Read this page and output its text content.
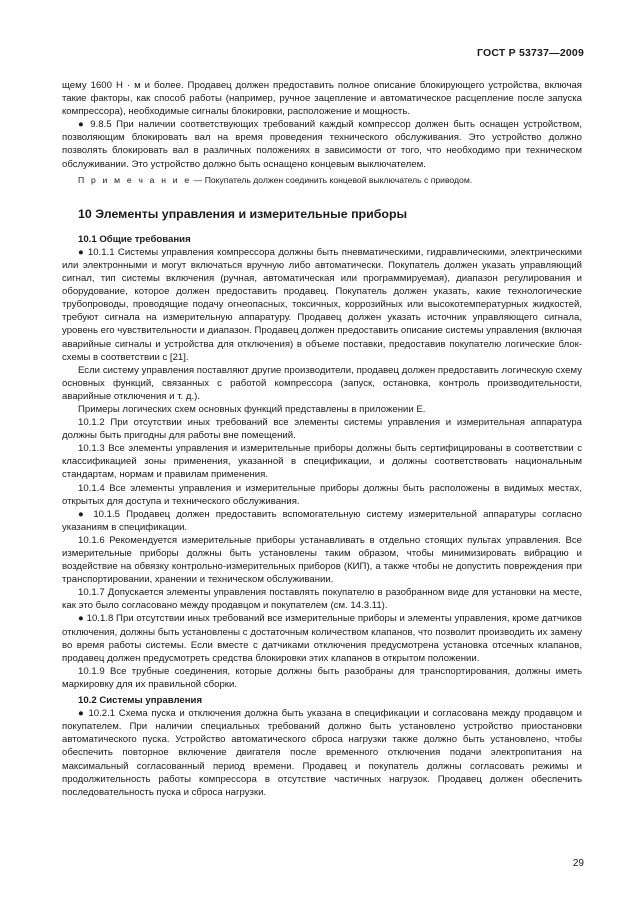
ГОСТ Р 53737—2009

щему 1600 Н · м и более. Продавец должен предоставить полное описание блокирующего устройства, включая такие факторы, как способ работы (например, ручное зацепление и автоматическое расцепление после запуска компрессора), необходимые сигналы блокировки, расположение и мощность.

● 9.8.5 При наличии соответствующих требований каждый компрессор должен быть оснащен устройством, позволяющим блокировать вал на время проведения технического обслуживания. Это устройство должно позволять блокировать вал в различных положениях в зависимости от того, что необходимо при техническом обслуживании. Это устройство должно быть оснащено концевым выключателем.

П р и м е ч а н и е — Покупатель должен соединить концевой выключатель с приводом.

10 Элементы управления и измерительные приборы

10.1 Общие требования

● 10.1.1 Системы управления компрессора должны быть пневматическими, гидравлическими, электрическими или электронными и могут включаться вручную либо автоматически. Покупатель должен указать управляющий сигнал, тип системы включения (ручная, автоматическая или программируемая), диапазон регулирования и оборудование, которое должен предоставить продавец. Покупатель должен указать, какие технологические трубопроводы, проводящие подачу огнеопасных, токсичных, коррозийных или высокотемпературных жидкостей, требуют сигнала на измерительную аппаратуру. Продавец должен указать источник управляющего сигнала, уровень его чувствительности и диапазон. Продавец должен предоставить описание системы управления (включая аварийные сигналы и устройства для отключения) в объеме поставки, предоставив покупателю логические блок-схемы в соответствии с [21].

Если систему управления поставляют другие производители, продавец должен предоставить логическую схему основных функций, связанных с работой компрессора (запуск, остановка, контроль производительности, аварийные отключения и т. д.).

Примеры логических схем основных функций представлены в приложении Е.

10.1.2 При отсутствии иных требований все элементы системы управления и измерительная аппаратура должны быть пригодны для работы вне помещений.

10.1.3 Все элементы управления и измерительные приборы должны быть сертифицированы в соответствии с классификацией зоны применения, указанной в спецификации, и должны соответствовать национальным стандартам, нормам и правилам применения.

10.1.4 Все элементы управления и измерительные приборы должны быть расположены в видимых местах, открытых для доступа и технического обслуживания.

● 10.1.5 Продавец должен предоставить вспомогательную систему измерительной аппаратуры согласно указаниям в спецификации.

10.1.6 Рекомендуется измерительные приборы устанавливать в отдельно стоящих пультах управления. Все измерительные приборы должны быть установлены таким образом, чтобы минимизировать вибрацию и воздействие на обвязку контрольно-измерительных приборов (КИП), а также чтобы не допустить повреждения при транспортировании, хранении и техническом обслуживании.

10.1.7 Допускается элементы управления поставлять покупателю в разобранном виде для установки на месте, как это было согласовано между продавцом и покупателем (см. 14.3.11).

● 10.1.8 При отсутствии иных требований все измерительные приборы и элементы управления, кроме датчиков отключения, должны быть установлены с достаточным количеством клапанов, что позволит производить их замену во время работы системы. Если вместе с датчиками отключения предусмотрена установка отсечных клапанов, продавец должен предусмотреть средства блокировки этих клапанов в открытом положении.

10.1.9 Все трубные соединения, которые должны быть разобраны для транспортирования, должны иметь маркировку для их правильной сборки.

10.2 Системы управления

● 10.2.1 Схема пуска и отключения должна быть указана в спецификации и согласована между продавцом и покупателем. При наличии специальных требований должно быть установлено устройство приостановки автоматического пуска. Устройство автоматического сброса нагрузки также должно быть установлено, чтобы обеспечить повторное включение двигателя после временного отключения подачи электропитания на максимальный согласованный период времени. Продавец и покупатель должны согласовать режимы и продолжительность работы компрессора в отсутствие частичных нагрузок. Продавец должен обеспечить последовательность пуска и сброса нагрузки.

29
